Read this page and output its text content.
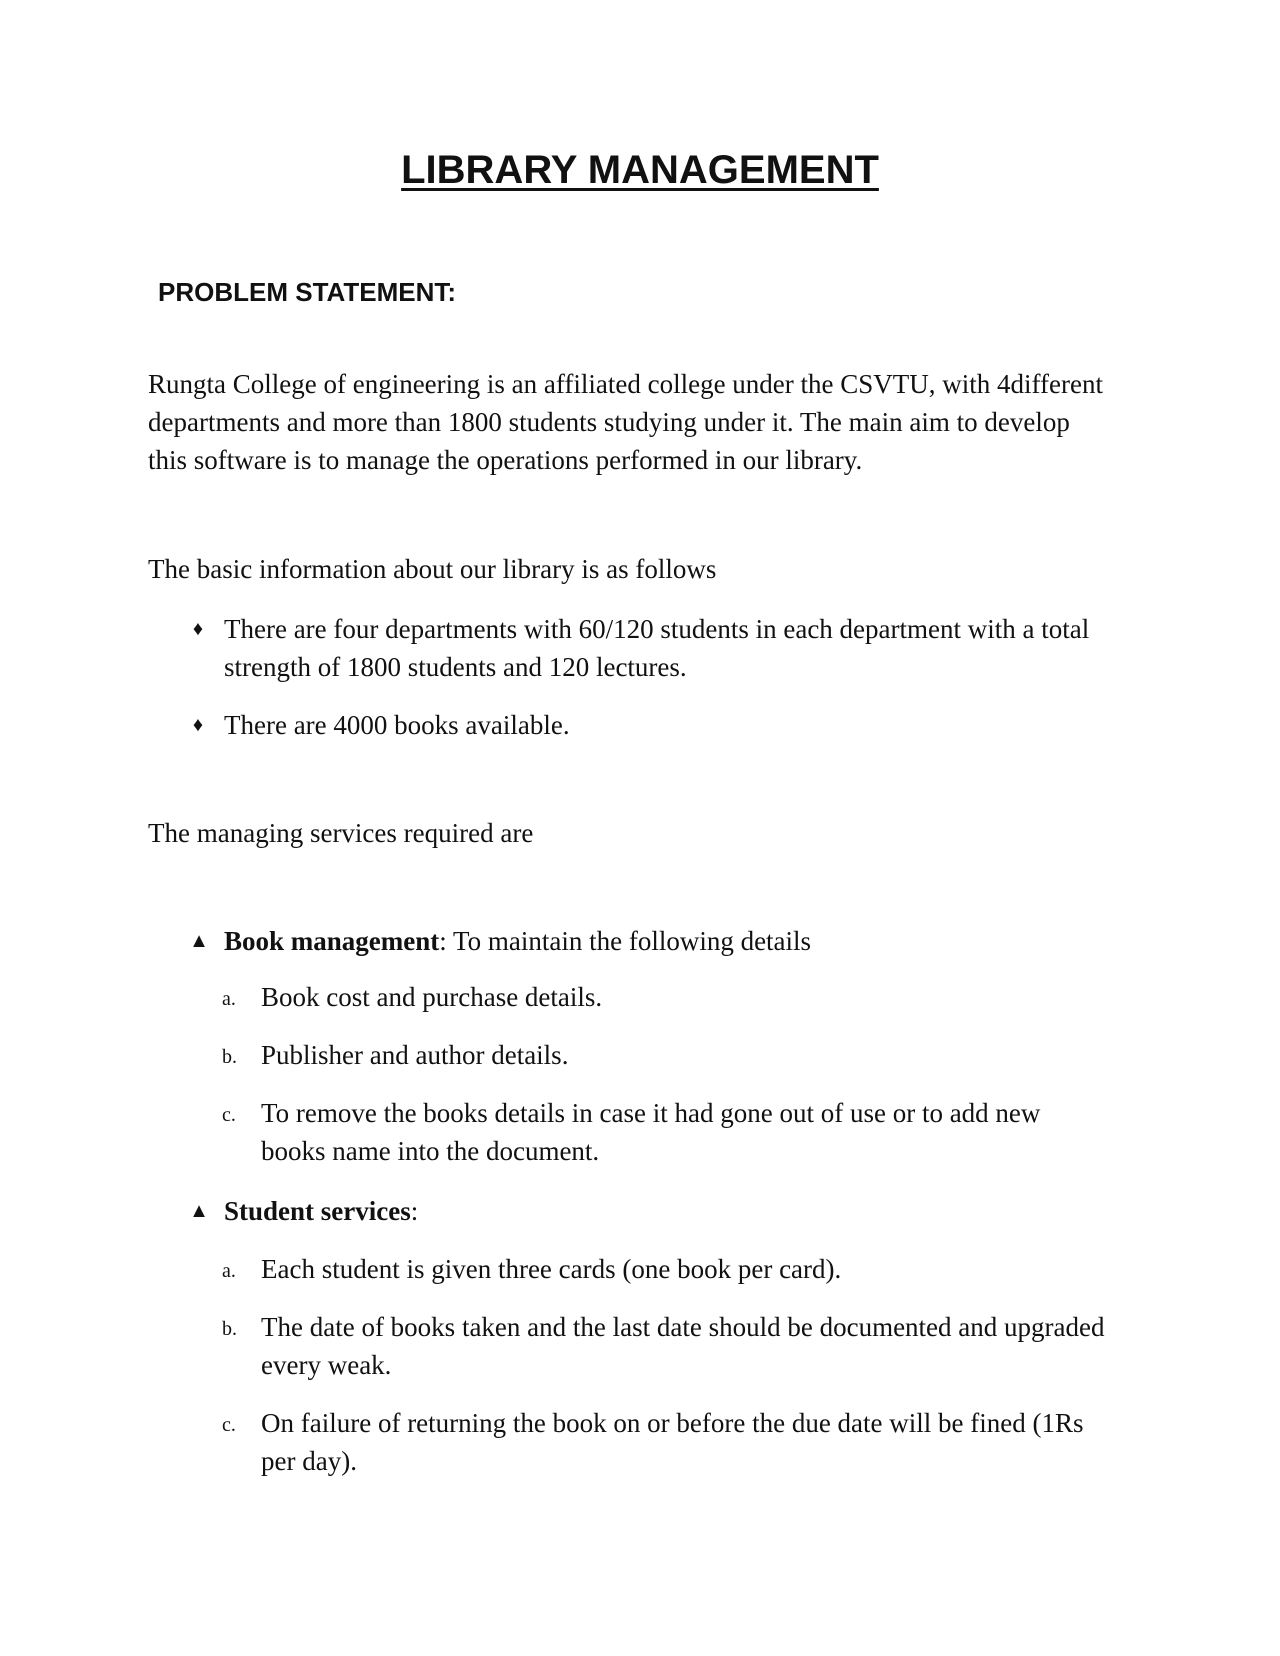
LIBRARY MANAGEMENT
PROBLEM STATEMENT:

Rungta College of engineering is an affiliated college under the CSVTU, with 4different departments and more than 1800 students studying under it. The main aim to develop this software is to manage the operations performed in our library.

The basic information about our library is as follows

♦ There are four departments with 60/120 students in each department with a total strength of 1800 students and 120 lectures.
♦ There are 4000 books available.

The managing services required are

▲ Book management: To maintain the following details
a. Book cost and purchase details.
b. Publisher and author details.
c. To remove the books details in case it had gone out of use or to add new books name into the document.
▲ Student services:
a. Each student is given three cards (one book per card).
b. The date of books taken and the last date should be documented and upgraded every weak.
c. On failure of returning the book on or before the due date will be fined (1Rs per day).
